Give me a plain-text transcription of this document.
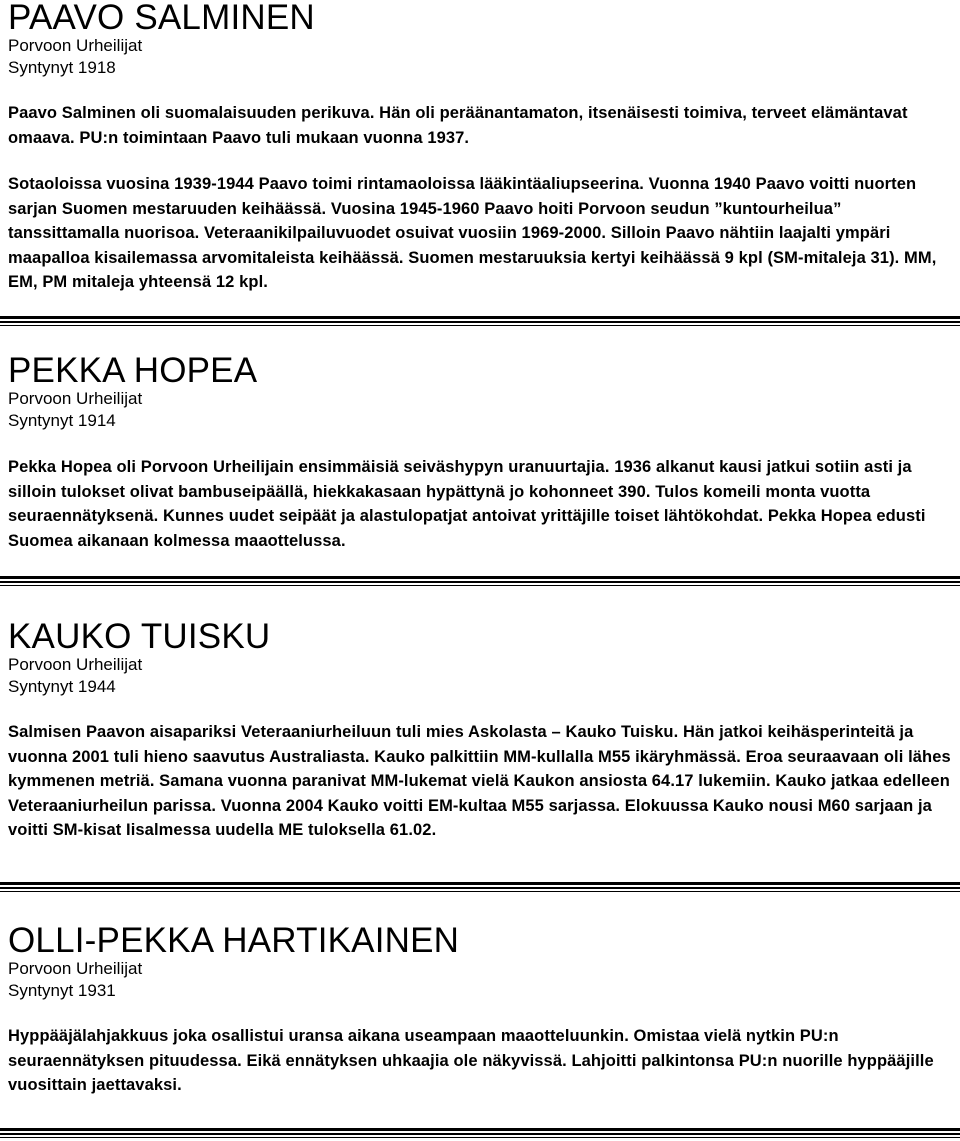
PAAVO SALMINEN

Porvoon Urheilijat

Syntynyt 1918

Paavo Salminen oli suomalaisuuden perikuva. Hän oli peräänantamaton, itsenäisesti toimiva, terveet elämäntavat omaava. PU:n toimintaan Paavo tuli mukaan vuonna 1937.

Sotaoloissa vuosina 1939-1944 Paavo toimi rintamaoloissa lääkintäaliupseerina. Vuonna 1940 Paavo voitti nuorten sarjan Suomen mestaruuden keihäässä. Vuosina 1945-1960 Paavo hoiti Porvoon seudun ”kuntourheilua” tanssittamalla nuorisoa. Veteraanikilpailuvuodet osuivat vuosiin 1969-2000. Silloin Paavo nähtiin laajalti ympäri maapalloa kisailemassa arvomitaleista keihäässä. Suomen mestaruuksia kertyi keihäässä 9 kpl (SM-mitaleja 31). MM, EM, PM mitaleja yhteensä 12 kpl.

PEKKA HOPEA

Porvoon Urheilijat

Syntynyt 1914

Pekka Hopea oli Porvoon Urheilijain ensimmäisiä seiväshypyn uranuurtajia. 1936 alkanut kausi jatkui sotiin asti ja silloin tulokset olivat bambuseipäällä, hiekkakasaan hypättynä jo kohonneet 390. Tulos komeili monta vuotta seuraennätyksenä. Kunnes uudet seipäät ja alastulopatjat antoivat yrittäjille toiset lähtökohdat. Pekka Hopea edusti Suomea aikanaan kolmessa maaottelussa.

KAUKO TUISKU

Porvoon Urheilijat

Syntynyt 1944

Salmisen Paavon aisapariksi Veteraaniurheiluun tuli mies Askolasta – Kauko Tuisku. Hän jatkoi keihäsperinteitä ja vuonna 2001 tuli hieno saavutus Australiasta. Kauko palkittiin MM-kullalla M55 ikäryhmässä. Eroa seuraavaan oli lähes kymmenen metriä. Samana vuonna paranivat MM-lukemat vielä Kaukon ansiosta 64.17 lukemiin. Kauko jatkaa edelleen Veteraaniurheilun parissa. Vuonna 2004 Kauko voitti EM-kultaa M55 sarjassa. Elokuussa Kauko nousi M60 sarjaan ja voitti SM-kisat Iisalmessa uudella ME tuloksella 61.02.

OLLI-PEKKA HARTIKAINEN

Porvoon Urheilijat

Syntynyt 1931

Hyppääjälahjakkuus joka osallistui uransa aikana useampaan maaotteluunkin. Omistaa vielä nytkin PU:n seuraennätyksen pituudessa. Eikä ennätyksen uhkaajia ole näkyvissä. Lahjoitti palkintonsa PU:n nuorille hyppääjille vuosittain jaettavaksi.
